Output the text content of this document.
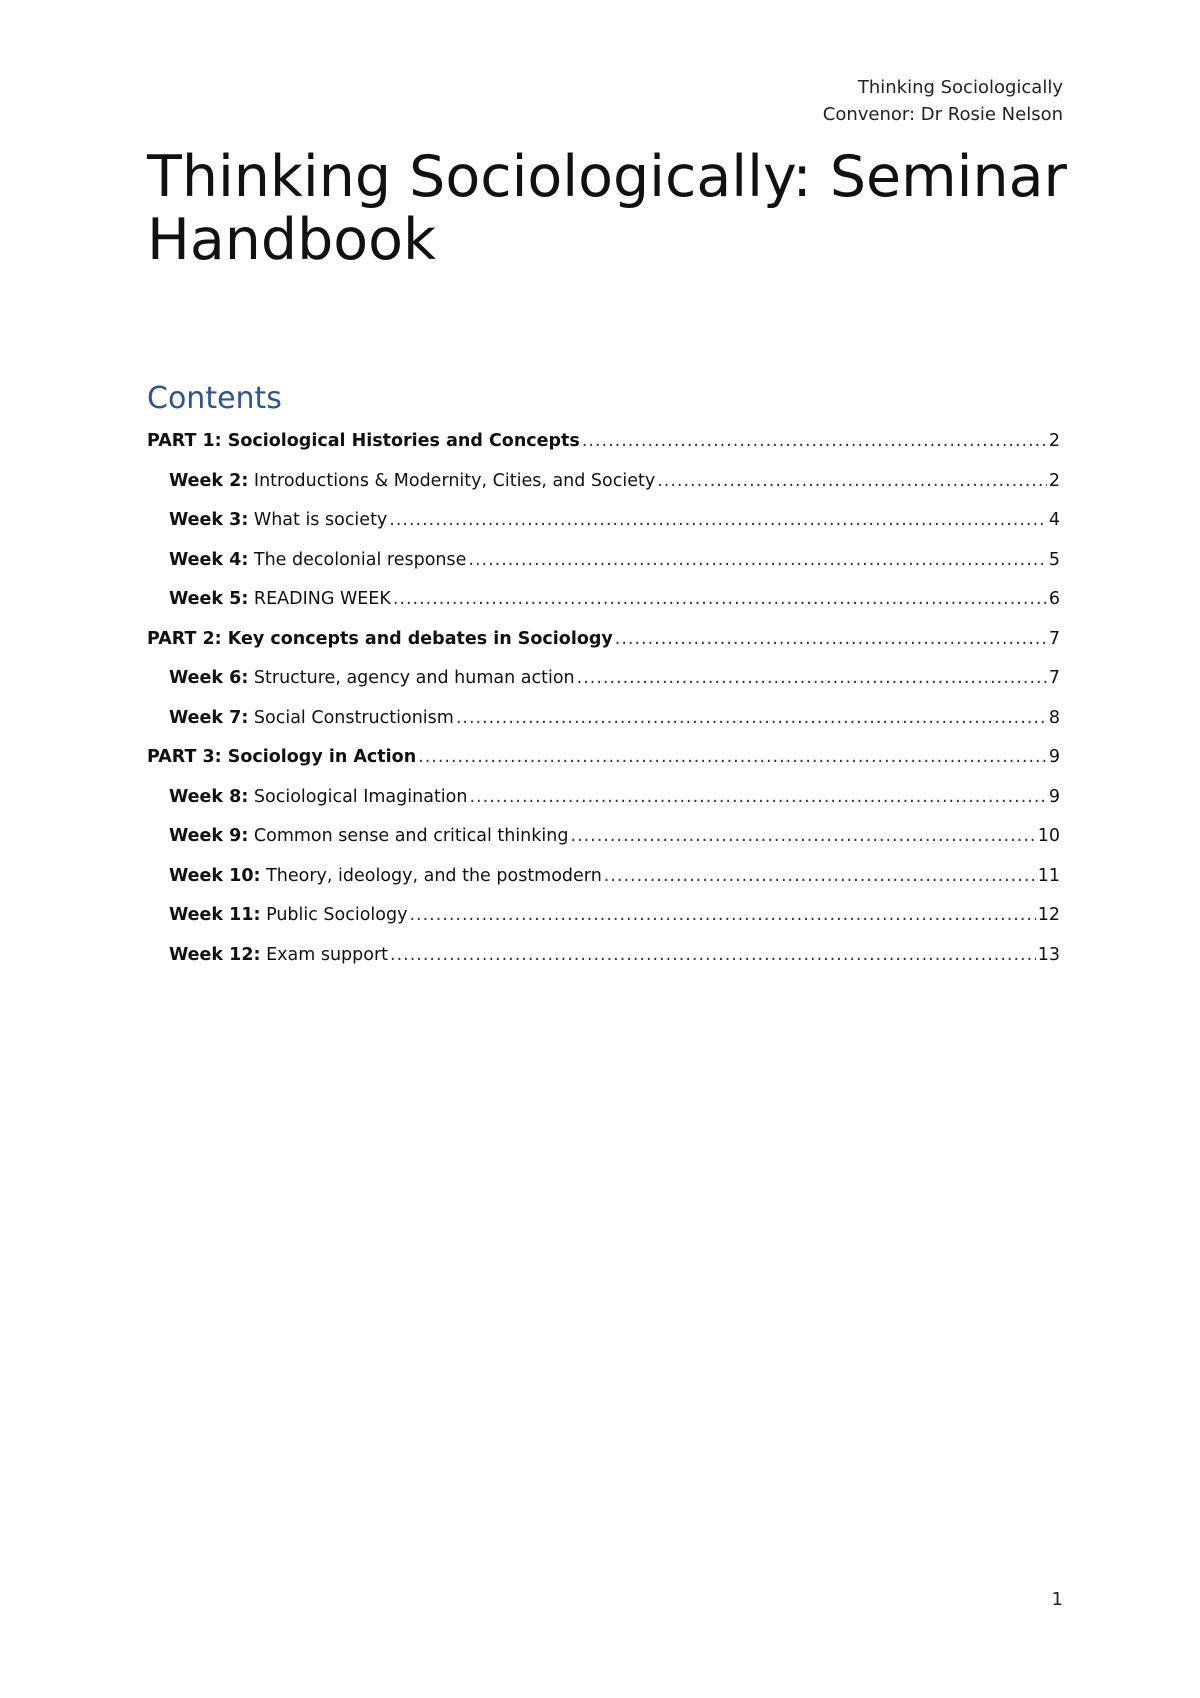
Thinking Sociologically
Convenor: Dr Rosie Nelson
Thinking Sociologically: Seminar Handbook
Contents
PART 1: Sociological Histories and Concepts .....	2
Week 2: Introductions & Modernity, Cities, and Society .....	2
Week 3: What is society .....	4
Week 4: The decolonial response .....	5
Week 5: READING WEEK .....	6
PART 2: Key concepts and debates in Sociology .....	7
Week 6: Structure, agency and human action .....	7
Week 7: Social Constructionism .....	8
PART 3: Sociology in Action .....	9
Week 8: Sociological Imagination .....	9
Week 9: Common sense and critical thinking .....	10
Week 10: Theory, ideology, and the postmodern .....	11
Week 11: Public Sociology .....	12
Week 12: Exam support .....	13
1
